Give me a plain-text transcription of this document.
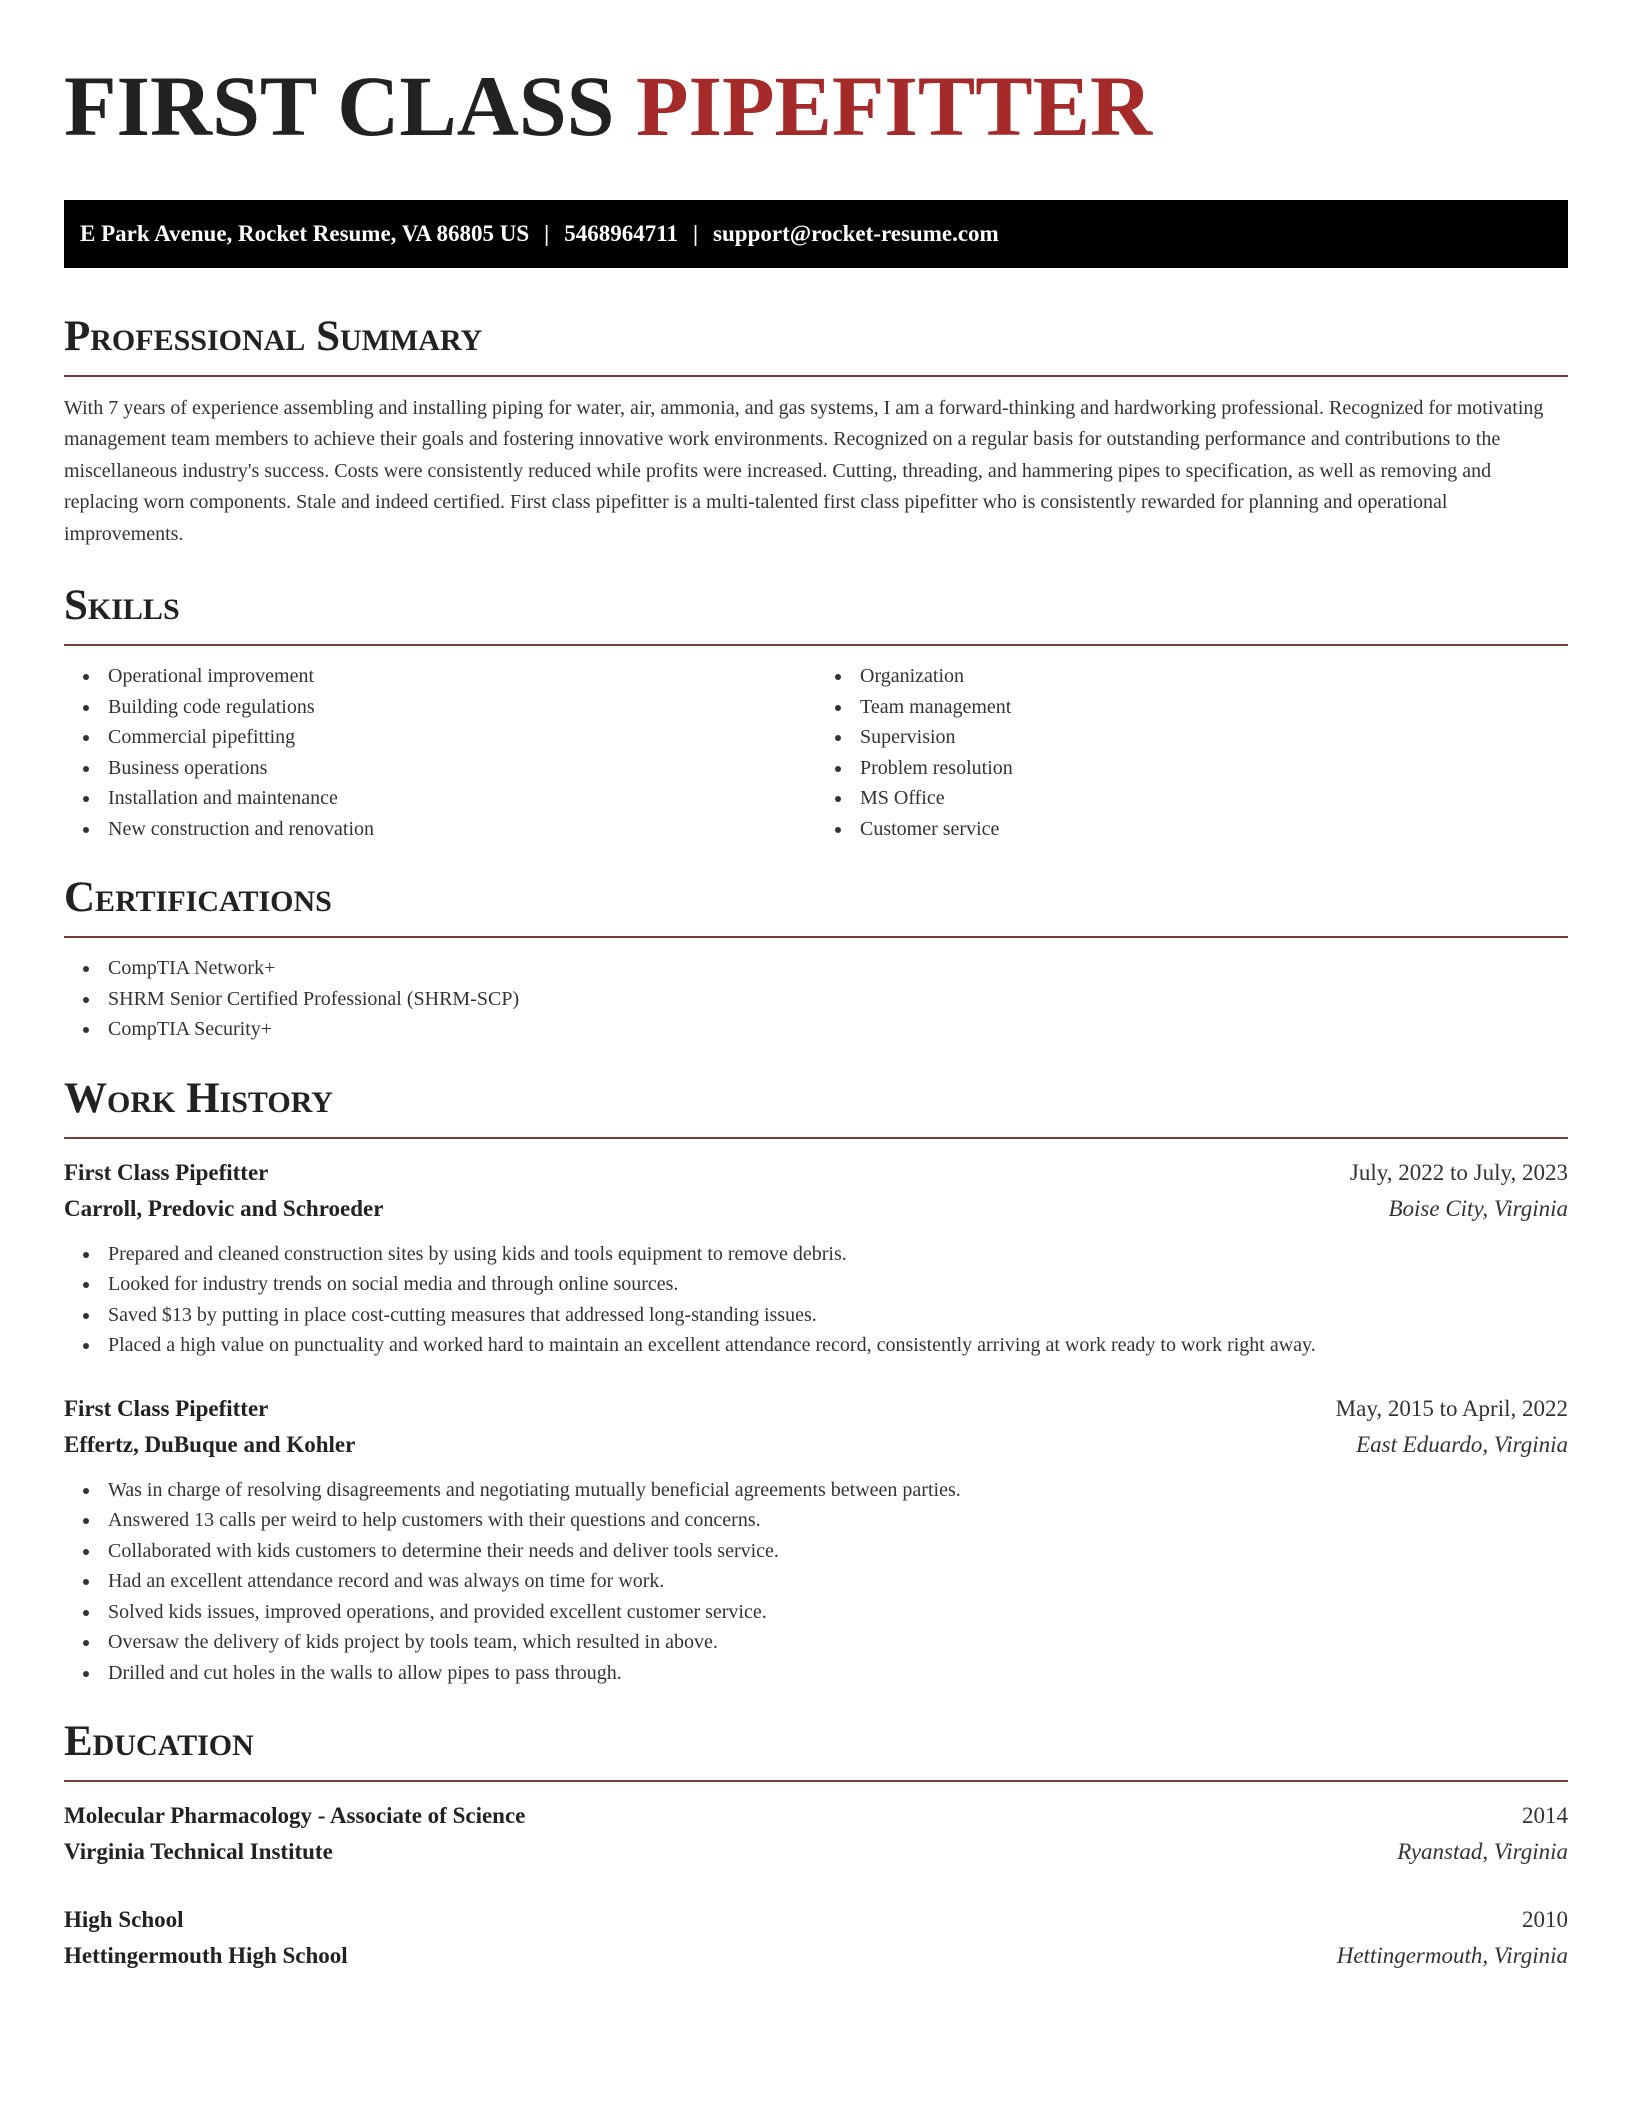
FIRST CLASS PIPEFITTER
E Park Avenue, Rocket Resume, VA 86805 US | 5468964711 | support@rocket-resume.com
Professional Summary

With 7 years of experience assembling and installing piping for water, air, ammonia, and gas systems, I am a forward-thinking and hardworking professional. Recognized for motivating management team members to achieve their goals and fostering innovative work environments. Recognized on a regular basis for outstanding performance and contributions to the miscellaneous industry's success. Costs were consistently reduced while profits were increased. Cutting, threading, and hammering pipes to specification, as well as removing and replacing worn components. Stale and indeed certified. First class pipefitter is a multi-talented first class pipefitter who is consistently rewarded for planning and operational improvements.

Skills
Operational improvement
Building code regulations
Commercial pipefitting
Business operations
Installation and maintenance
New construction and renovation
Organization
Team management
Supervision
Problem resolution
MS Office
Customer service
Certifications
CompTIA Network+
SHRM Senior Certified Professional (SHRM-SCP)
CompTIA Security+
Work History
First Class Pipefitter	July, 2022 to July, 2023
Carroll, Predovic and Schroeder	Boise City, Virginia
Prepared and cleaned construction sites by using kids and tools equipment to remove debris.
Looked for industry trends on social media and through online sources.
Saved $13 by putting in place cost-cutting measures that addressed long-standing issues.
Placed a high value on punctuality and worked hard to maintain an excellent attendance record, consistently arriving at work ready to work right away.
First Class Pipefitter	May, 2015 to April, 2022
Effertz, DuBuque and Kohler	East Eduardo, Virginia
Was in charge of resolving disagreements and negotiating mutually beneficial agreements between parties.
Answered 13 calls per weird to help customers with their questions and concerns.
Collaborated with kids customers to determine their needs and deliver tools service.
Had an excellent attendance record and was always on time for work.
Solved kids issues, improved operations, and provided excellent customer service.
Oversaw the delivery of kids project by tools team, which resulted in above.
Drilled and cut holes in the walls to allow pipes to pass through.
Education
Molecular Pharmacology - Associate of Science	2014
Virginia Technical Institute	Ryanstad, Virginia
High School	2010
Hettingermouth High School	Hettingermouth, Virginia
